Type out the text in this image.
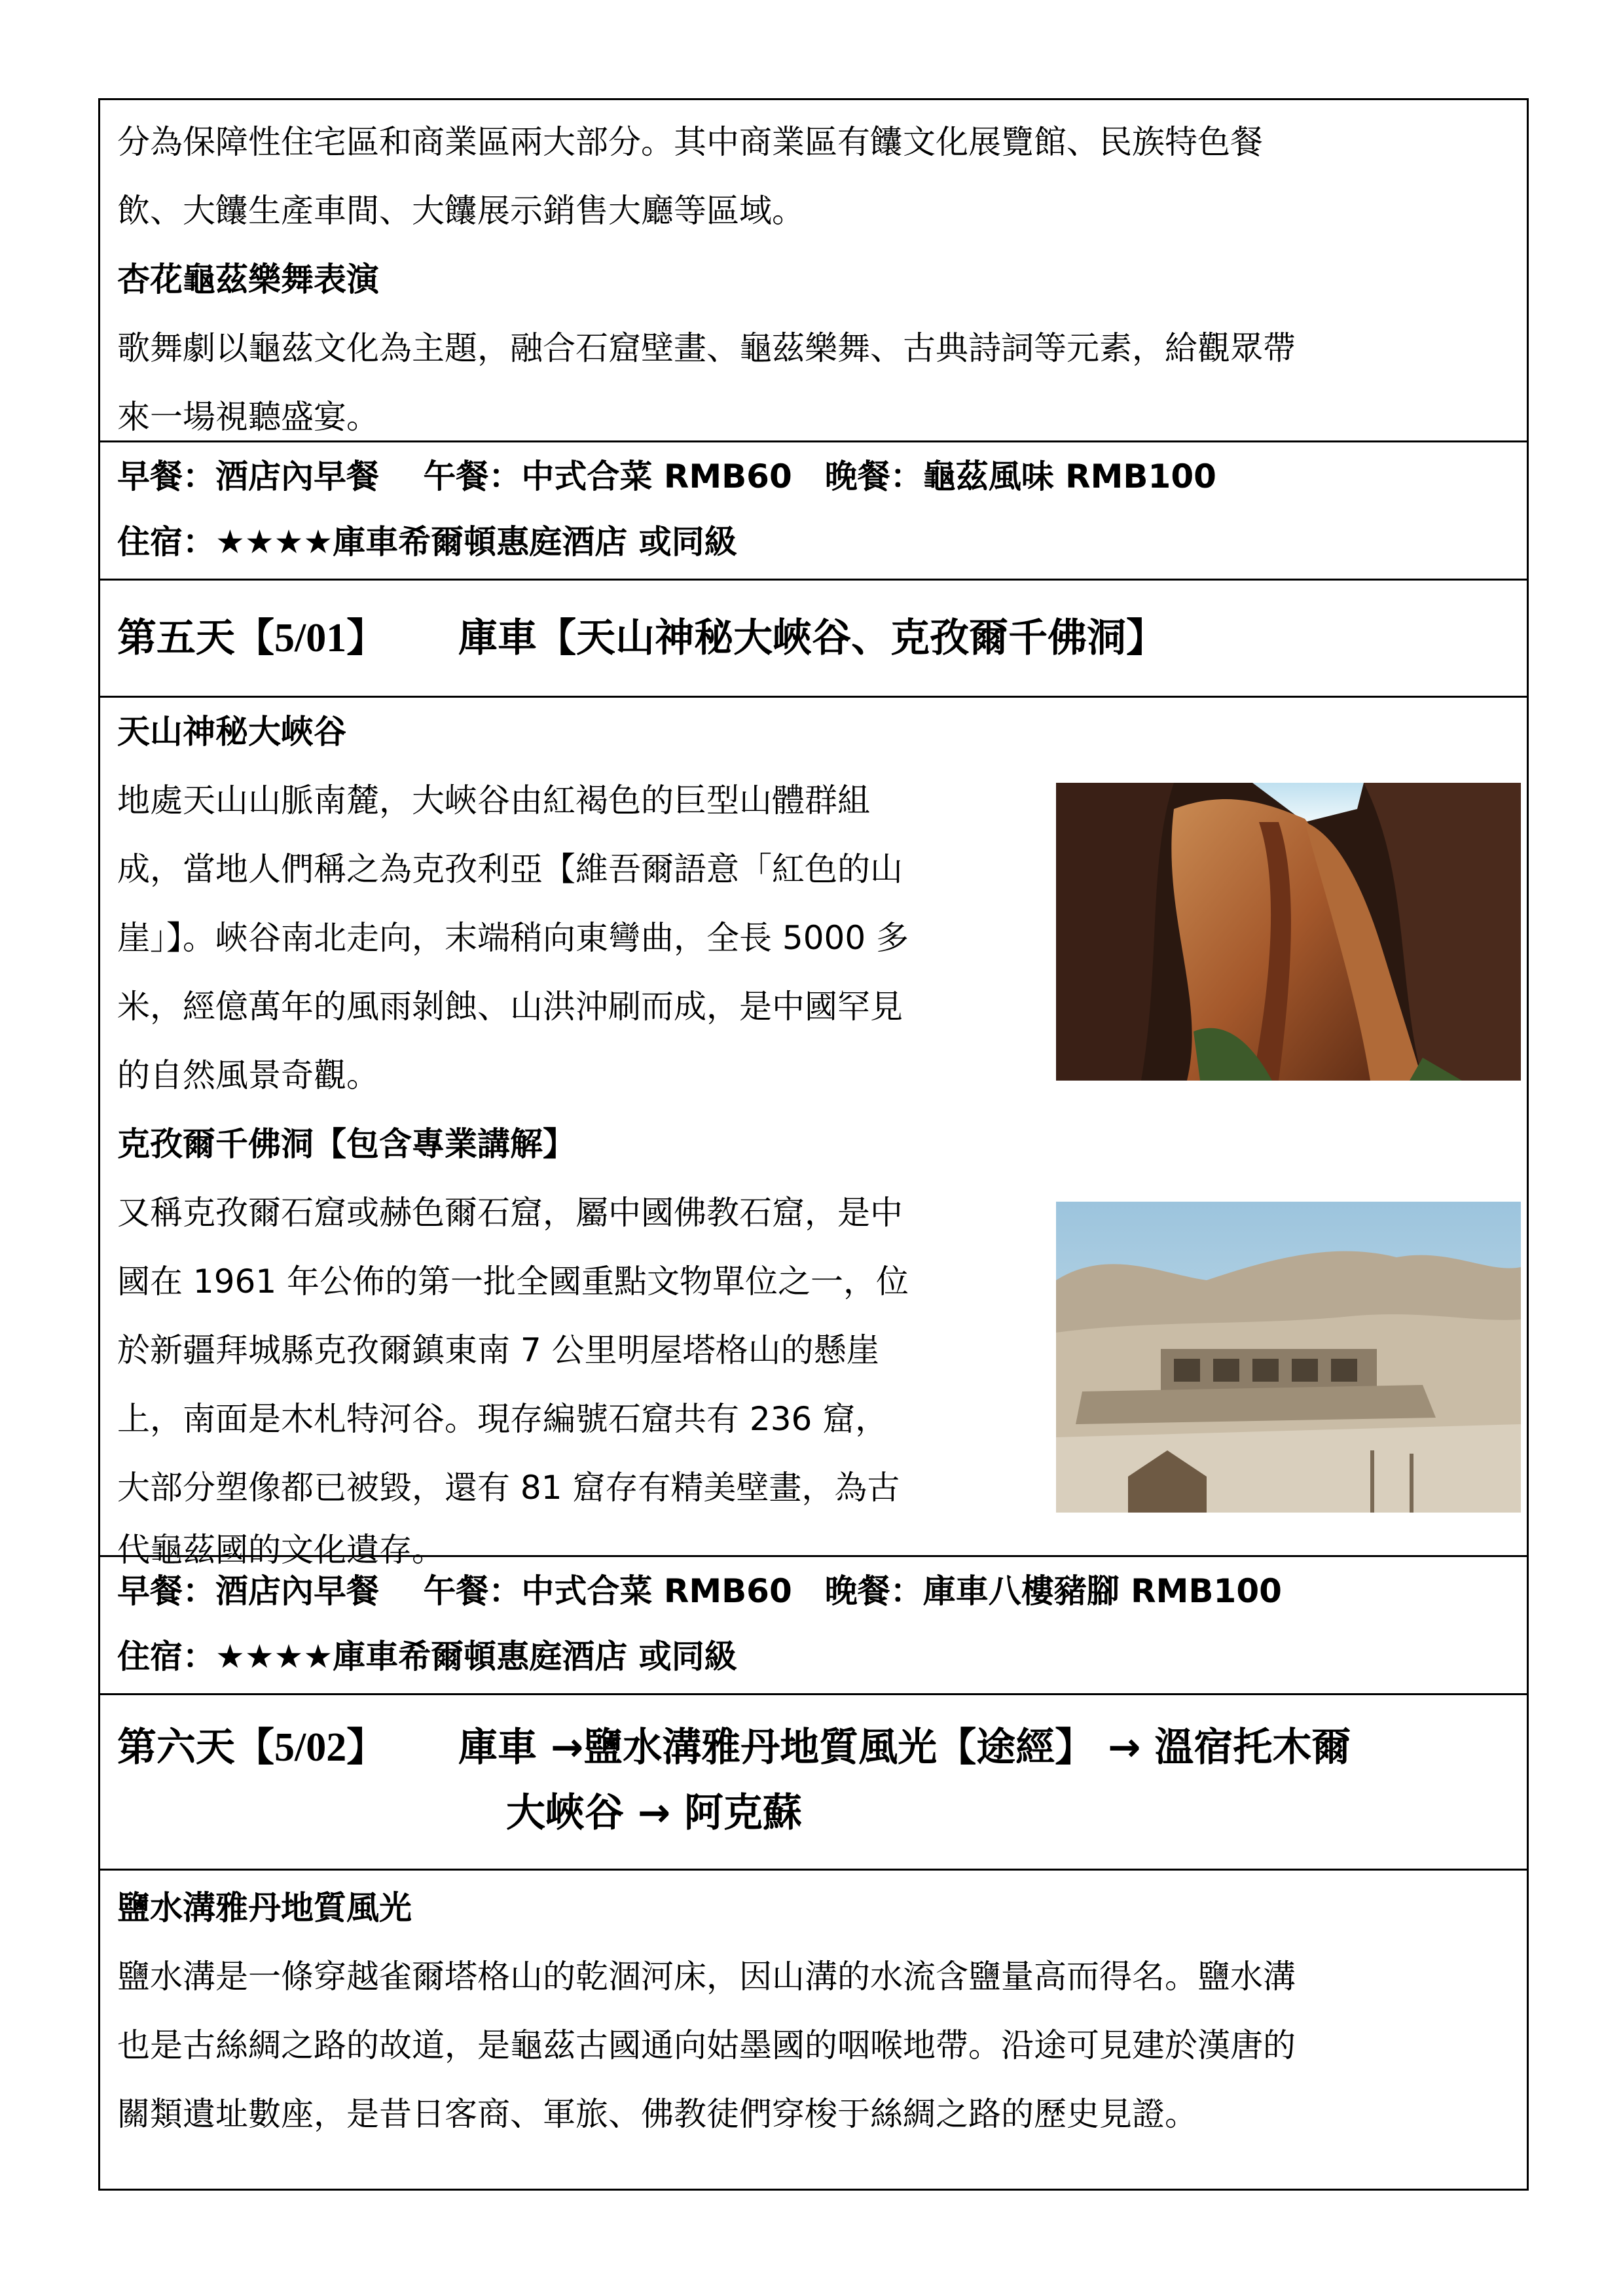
分為保障性住宅區和商業區兩大部分。其中商業區有饢文化展覽館、民族特色餐

飲、大饢生產車間、大饢展示銷售大廳等區域。

杏花龜茲樂舞表演

歌舞劇以龜茲文化為主題，融合石窟壁畫、龜茲樂舞、古典詩詞等元素，給觀眾帶

來一場視聽盛宴。

早餐：酒店內早餐　 午餐：中式合菜 RMB60　晚餐：龜茲風味 RMB100

住宿：★★★★庫車希爾頓惠庭酒店 或同級

第五天【5/01】 庫車【天山神秘大峽谷、克孜爾千佛洞】

天山神秘大峽谷

地處天山山脈南麓，大峽谷由紅褐色的巨型山體群組

成，當地人們稱之為克孜利亞【維吾爾語意「紅色的山

崖」】。峽谷南北走向，末端稍向東彎曲，全長 5000 多

米，經億萬年的風雨剝蝕、山洪沖刷而成，是中國罕見

的自然風景奇觀。

克孜爾千佛洞【包含專業講解】

又稱克孜爾石窟或赫色爾石窟，屬中國佛教石窟，是中

國在 1961 年公佈的第一批全國重點文物單位之一，位

於新疆拜城縣克孜爾鎮東南 7 公里明屋塔格山的懸崖

上，南面是木札特河谷。現存編號石窟共有 236 窟，

大部分塑像都已被毀，還有 81 窟存有精美壁畫，為古

代龜茲國的文化遺存。

早餐：酒店內早餐　 午餐：中式合菜 RMB60　晚餐：庫車八樓豬腳 RMB100

住宿：★★★★庫車希爾頓惠庭酒店 或同級

第六天【5/02】 庫車 →鹽水溝雅丹地質風光【途經】 → 溫宿托木爾
大峽谷 → 阿克蘇

鹽水溝雅丹地質風光

鹽水溝是一條穿越雀爾塔格山的乾涸河床，因山溝的水流含鹽量高而得名。鹽水溝

也是古絲綢之路的故道，是龜茲古國通向姑墨國的咽喉地帶。沿途可見建於漢唐的

關類遺址數座，是昔日客商、軍旅、佛教徒們穿梭于絲綢之路的歷史見證。
